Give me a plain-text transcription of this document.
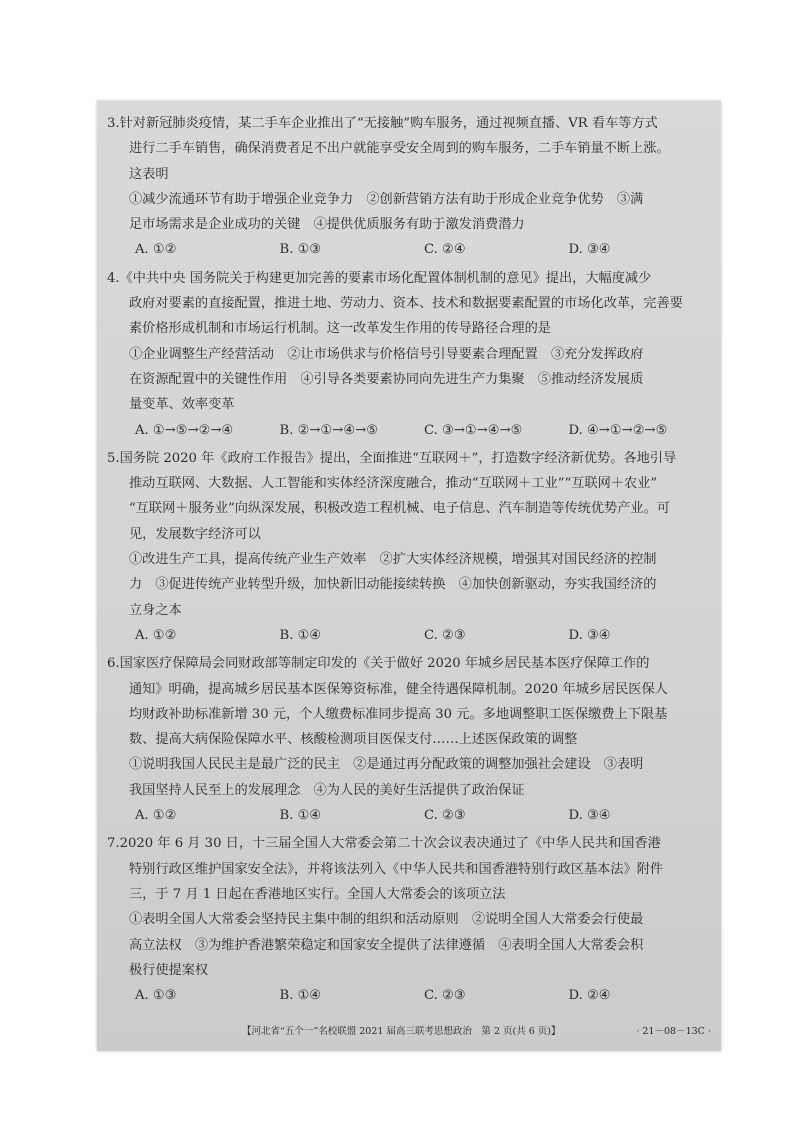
3.针对新冠肺炎疫情，某二手车企业推出了“无接触”购车服务，通过视频直播、VR 看车等方式
进行二手车销售，确保消费者足不出户就能享受安全周到的购车服务，二手车销量不断上涨。
这表明
①减少流通环节有助于增强企业竞争力　②创新营销方法有助于形成企业竞争优势　③满
足市场需求是企业成功的关键　④提供优质服务有助于激发消费潜力
A. ①②	B. ①③	C. ②④	D. ③④
4.《中共中央 国务院关于构建更加完善的要素市场化配置体制机制的意见》提出，大幅度减少
政府对要素的直接配置，推进土地、劳动力、资本、技术和数据要素配置的市场化改革，完善要
素价格形成机制和市场运行机制。这一改革发生作用的传导路径合理的是
①企业调整生产经营活动　②让市场供求与价格信号引导要素合理配置　③充分发挥政府
在资源配置中的关键性作用　④引导各类要素协同向先进生产力集聚　⑤推动经济发展质
量变革、效率变革
A. ①→⑤→②→④	B. ②→①→④→⑤	C. ③→①→④→⑤	D. ④→①→②→⑤
5.国务院 2020 年《政府工作报告》提出，全面推进“互联网＋”，打造数字经济新优势。各地引导
推动互联网、大数据、人工智能和实体经济深度融合，推动“互联网＋工业”“互联网＋农业”
“互联网＋服务业”向纵深发展，积极改造工程机械、电子信息、汽车制造等传统优势产业。可
见，发展数字经济可以
①改进生产工具，提高传统产业生产效率　②扩大实体经济规模，增强其对国民经济的控制
力　③促进传统产业转型升级，加快新旧动能接续转换　④加快创新驱动，夯实我国经济的
立身之本
A. ①②	B. ①④	C. ②③	D. ③④
6.国家医疗保障局会同财政部等制定印发的《关于做好 2020 年城乡居民基本医疗保障工作的
通知》明确，提高城乡居民基本医保筹资标准，健全待遇保障机制。2020 年城乡居民医保人
均财政补助标准新增 30 元，个人缴费标准同步提高 30 元。多地调整职工医保缴费上下限基
数、提高大病保险保障水平、核酸检测项目医保支付……上述医保政策的调整
①说明我国人民民主是最广泛的民主　②是通过再分配政策的调整加强社会建设　③表明
我国坚持人民至上的发展理念　④为人民的美好生活提供了政治保证
A. ①②	B. ①④	C. ②③	D. ③④
7.2020 年 6 月 30 日，十三届全国人大常委会第二十次会议表决通过了《中华人民共和国香港
特别行政区维护国家安全法》，并将该法列入《中华人民共和国香港特别行政区基本法》附件
三，于 7 月 1 日起在香港地区实行。全国人大常委会的该项立法
①表明全国人大常委会坚持民主集中制的组织和活动原则　②说明全国人大常委会行使最
高立法权　③为维护香港繁荣稳定和国家安全提供了法律遵循　④表明全国人大常委会积
极行使提案权
A. ①③	B. ①④	C. ②③	D. ②④
【河北省“五个一”名校联盟 2021 届高三联考思想政治　第 2 页(共 6 页)】	· 21－08－13C ·
